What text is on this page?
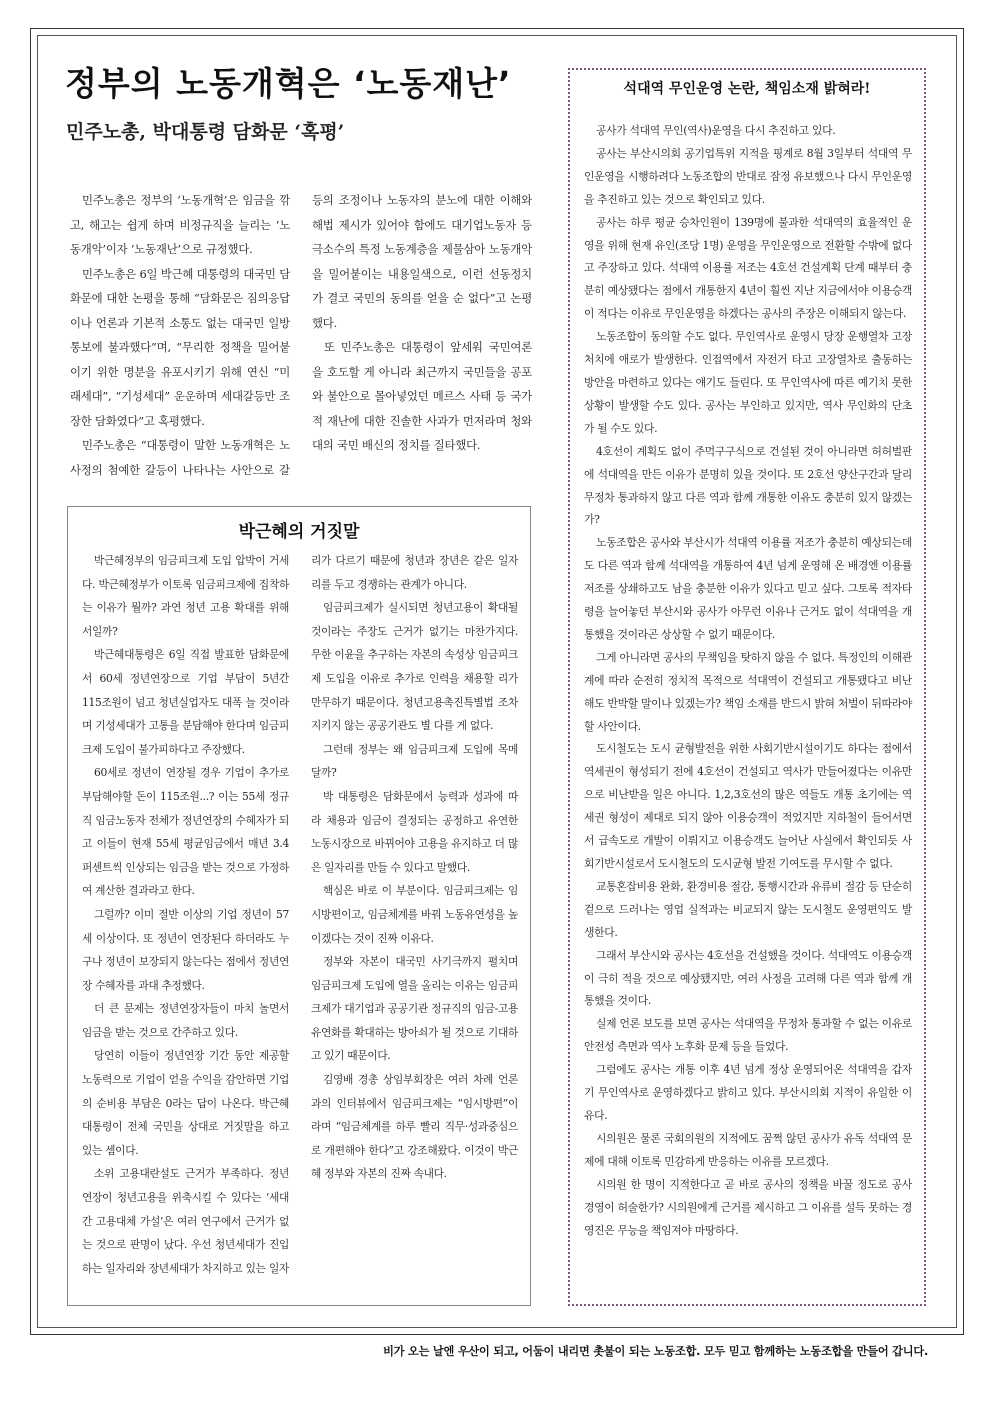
정부의 노동개혁은 ‘노동재난’
민주노총, 박대통령 담화문 ‘혹평’

민주노총은 정부의 ‘노동개혁’은 임금을 깎고, 해고는 쉽게 하며 비정규직을 늘리는 ‘노동개악’이자 ‘노동재난’으로 규정했다.

민주노총은 6일 박근혜 대통령의 대국민 담화문에 대한 논평을 통해 “담화문은 짐의응답이나 언론과 기본적 소통도 없는 대국민 일방통보에 불과했다”며, “무리한 정책을 밀어붙이기 위한 명분을 유포시키기 위해 연신 “미래세대”, “기성세대” 운운하며 세대갈등만 조장한 담화였다”고 혹평했다.

민주노총은 “대통령이 말한 노동개혁은 노사정의 첨예한 갈등이 나타나는 사안으로 갈등의 조정이나 노동자의 분노에 대한 이해와 해법 제시가 있어야 함에도 대기업노동자 등 극소수의 특정 노동계층을 제물삼아 노동개악을 밀어붙이는 내용일색으로, 이런 선동정치가 결코 국민의 동의를 얻을 순 없다”고 논평했다.

또 민주노총은 대통령이 앞세워 국민여론을 호도할 게 아니라 최근까지 국민들을 공포와 불안으로 몰아넣었던 메르스 사태 등 국가적 재난에 대한 진솔한 사과가 먼저라며 청와대의 국민 배신의 정치를 질타했다.

박근혜의 거짓말

박근혜정부의 임금피크제 도입 압박이 거세다. 박근혜정부가 이토록 임금피크제에 집착하는 이유가 뭘까? 과연 청년 고용 확대를 위해서일까?

박근혜대통령은 6일 직접 발표한 담화문에서 60세 정년연장으로 기업 부담이 5년간 115조원이 넘고 청년실업자도 대폭 늘 것이라며 기성세대가 고통을 분담해야 한다며 임금피크제 도입이 불가피하다고 주장했다.

60세로 정년이 연장될 경우 기업이 추가로 부담해야할 돈이 115조원...? 이는 55세 정규직 임금노동자 전체가 정년연장의 수혜자가 되고 이들이 현재 55세 평균임금에서 매년 3.4퍼센트씩 인상되는 임금을 받는 것으로 가정하여 계산한 결과라고 한다.

그럴까? 이미 절반 이상의 기업 정년이 57세 이상이다. 또 정년이 연장된다 하더라도 누구나 정년이 보장되지 않는다는 점에서 정년연장 수혜자를 과대 추정했다.

더 큰 문제는 정년연장자들이 마치 놀면서 임금을 받는 것으로 간주하고 있다.

당연히 이들이 정년연장 기간 동안 제공할 노동력으로 기업이 얻을 수익을 감안하면 기업의 순비용 부담은 0라는 답이 나온다. 박근혜대통령이 전체 국민을 상대로 거짓말을 하고 있는 셈이다.

소위 고용대란설도 근거가 부족하다. 정년연장이 청년고용을 위축시킬 수 있다는 ‘세대 간 고용대체 가설’은 여러 연구에서 근거가 없는 것으로 판명이 났다. 우선 청년세대가 진입하는 일자리와 장년세대가 차지하고 있는 일자리가 다르기 때문에 청년과 장년은 같은 일자리를 두고 경쟁하는 관계가 아니다.

임금피크제가 실시되면 청년고용이 확대될 것이라는 주장도 근거가 없기는 마찬가지다. 무한 이윤을 추구하는 자본의 속성상 임금피크제 도입을 이유로 추가로 인력을 채용할 리가 만무하기 때문이다. 청년고용촉진특별법 조차 지키지 않는 공공기관도 별 다를 게 없다.

그런데 정부는 왜 임금피크제 도입에 목메달까?

박 대통령은 담화문에서 능력과 성과에 따라 채용과 임금이 결정되는 공정하고 유연한 노동시장으로 바뀌어야 고용을 유지하고 더 많은 일자리를 만들 수 있다고 말했다.

핵심은 바로 이 부분이다. 임금피크제는 임시방편이고, 임금체계를 바꿔 노동유연성을 높이겠다는 것이 진짜 이유다.

정부와 자본이 대국민 사기극까지 펼치며 임금피크제 도입에 열을 올리는 이유는 임금피크제가 대기업과 공공기관 정규직의 임금-고용 유연화를 확대하는 방아쇠가 될 것으로 기대하고 있기 때문이다.

김영배 경총 상임부회장은 여러 차례 언론과의 인터뷰에서 임금피크제는 “임시방편”이라며 “임금체계를 하루 빨리 직무·성과중심으로 개편해야 한다”고 강조해왔다. 이것이 박근혜 정부와 자본의 진짜 속내다.

석대역 무인운영 논란, 책임소재 밝혀라!

공사가 석대역 무인(역사)운영을 다시 추진하고 있다.

공사는 부산시의회 공기업특위 지적을 핑계로 8월 3일부터 석대역 무인운영을 시행하려다 노동조합의 반대로 잠정 유보했으나 다시 무인운영을 추진하고 있는 것으로 확인되고 있다.

공사는 하루 평균 승차인원이 139명에 불과한 석대역의 효율적인 운영을 위해 현재 유인(조당 1명) 운영을 무인운영으로 전환할 수밖에 없다고 주장하고 있다. 석대역 이용률 저조는 4호선 건설계획 단계 때부터 충분히 예상됐다는 점에서 개통한지 4년이 훨씬 지난 지금에서야 이용승객이 적다는 이유로 무인운영을 하겠다는 공사의 주장은 이해되지 않는다.

노동조합이 동의할 수도 없다. 무인역사로 운영시 당장 운행열차 고장 처치에 애로가 발생한다. 인접역에서 자전거 타고 고장열차로 출동하는 방안을 마련하고 있다는 얘기도 들린다. 또 무인역사에 따른 예기치 못한 상황이 발생할 수도 있다. 공사는 부인하고 있지만, 역사 무인화의 단초가 될 수도 있다.

4호선이 계획도 없이 주먹구구식으로 건설된 것이 아니라면 허허벌판에 석대역을 만든 이유가 분명히 있을 것이다. 또 2호선 양산구간과 달리 무정차 통과하지 않고 다른 역과 함께 개통한 이유도 충분히 있지 않겠는가?

노동조합은 공사와 부산시가 석대역 이용률 저조가 충분히 예상되는데도 다른 역과 함께 석대역을 개통하여 4년 넘게 운영해 온 배경엔 이용률 저조를 상쇄하고도 남을 충분한 이유가 있다고 믿고 싶다. 그토록 적자타령을 늘어놓던 부산시와 공사가 아무런 이유나 근거도 없이 석대역을 개통했을 것이라곤 상상할 수 없기 때문이다.

그게 아니라면 공사의 무책임을 탓하지 않을 수 없다. 특정인의 이해관계에 따라 순전히 정치적 목적으로 석대역이 건설되고 개통됐다고 비난해도 반박할 말이나 있겠는가? 책임 소재를 반드시 밝혀 처벌이 뒤따라야할 사안이다.

도시철도는 도시 균형발전을 위한 사회기반시설이기도 하다는 점에서 역세권이 형성되기 전에 4호선이 건설되고 역사가 만들어졌다는 이유만으로 비난받을 일은 아니다. 1,2,3호선의 많은 역들도 개통 초기에는 역세권 형성이 제대로 되지 않아 이용승객이 적었지만 지하철이 들어서면서 급속도로 개발이 이뤄지고 이용승객도 늘어난 사실에서 확인되듯 사회기반시설로서 도시철도의 도시균형 발전 기여도를 무시할 수 없다.

교통혼잡비용 완화, 환경비용 절감, 통행시간과 유류비 절감 등 단순히 겉으로 드러나는 영업 실적과는 비교되지 않는 도시철도 운영편익도 발생한다.

그래서 부산시와 공사는 4호선을 건설했을 것이다. 석대역도 이용승객이 극히 적을 것으로 예상됐지만, 여러 사정을 고려해 다른 역과 함께 개통했을 것이다.

실제 언론 보도를 보면 공사는 석대역을 무정차 통과할 수 없는 이유로 안전성 측면과 역사 노후화 문제 등을 들었다.

그럼에도 공사는 개통 이후 4년 넘게 정상 운영되어온 석대역을 갑자기 무인역사로 운영하겠다고 밝히고 있다. 부산시의회 지적이 유일한 이유다.

시의원은 물론 국회의원의 지적에도 꿈쩍 않던 공사가 유독 석대역 문제에 대해 이토록 민감하게 반응하는 이유를 모르겠다.

시의원 한 명이 지적한다고 곧 바로 공사의 정책을 바꿀 정도로 공사 경영이 허술한가? 시의원에게 근거를 제시하고 그 이유를 설득 못하는 경영진은 무능을 책임져야 마땅하다.

비가 오는 날엔 우산이 되고, 어둠이 내리면 촛불이 되는 노동조합. 모두 믿고 함께하는 노동조합을 만들어 갑니다.
